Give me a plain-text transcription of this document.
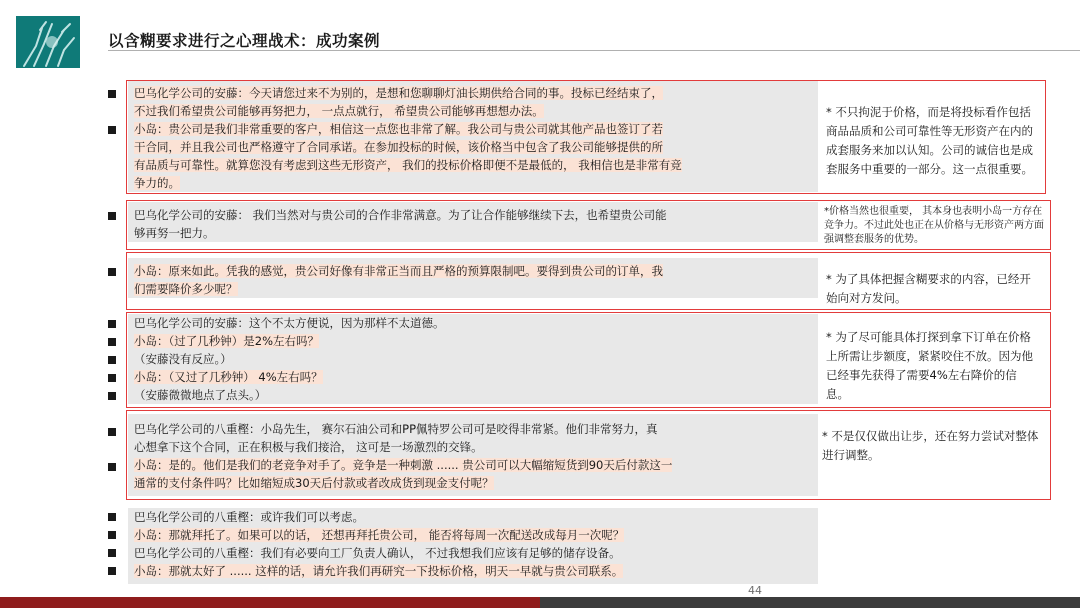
以含糊要求进行之心理战术：成功案例
巴乌化学公司的安藤：今天请您过来不为别的，是想和您聊聊灯油长期供给合同的事。投标已经结束了，
不过我们希望贵公司能够再努把力， 一点点就行， 希望贵公司能够再想想办法。
小岛：贵公司是我们非常重要的客户，相信这一点您也非常了解。我公司与贵公司就其他产品也签订了若
干合同，并且我公司也严格遵守了合同承诺。在参加投标的时候，该价格当中包含了我公司能够提供的所
有品质与可靠性。就算您没有考虑到这些无形资产， 我们的投标价格即便不是最低的， 我相信也是非常有竞
争力的。
* 不只拘泥于价格，而是将投标看作包括商品品质和公司可靠性等无形资产在内的成套服务来加以认知。公司的诚信也是成套服务中重要的一部分。这一点很重要。
巴乌化学公司的安藤： 我们当然对与贵公司的合作非常满意。为了让合作能够继续下去，也希望贵公司能
够再努一把力。
*价格当然也很重要， 其本身也表明小岛一方存在竞争力。不过此处也正在从价格与无形资产两方面强调整套服务的优势。
小岛：原来如此。凭我的感觉，贵公司好像有非常正当而且严格的预算限制吧。要得到贵公司的订单，我
们需要降价多少呢？
* 为了具体把握含糊要求的内容，已经开始向对方发问。
巴乌化学公司的安藤：这个不太方便说，因为那样不太道德。
小岛：（过了几秒钟）是2%左右吗？
（安藤没有反应。）
小岛：（又过了几秒钟） 4%左右吗？
（安藤微微地点了点头。）
* 为了尽可能具体打探到拿下订单在价格上所需让步额度，紧紧咬住不放。因为他已经事先获得了需要4%左右降价的信息。
巴乌化学公司的八重樫：小岛先生， 赛尔石油公司和PP佩特罗公司可是咬得非常紧。他们非常努力，真
心想拿下这个合同，正在积极与我们接洽， 这可是一场激烈的交锋。
小岛：是的。他们是我们的老竞争对手了。竞争是一种刺激 ...... 贵公司可以大幅缩短货到90天后付款这一
通常的支付条件吗？比如缩短成30天后付款或者改成货到现金支付呢？
* 不是仅仅做出让步，还在努力尝试对整体进行调整。
巴乌化学公司的八重樫：或许我们可以考虑。
小岛：那就拜托了。如果可以的话， 还想再拜托贵公司， 能否将每周一次配送改成每月一次呢？
巴乌化学公司的八重樫：我们有必要向工厂负责人确认， 不过我想我们应该有足够的储存设备。
小岛：那就太好了 ...... 这样的话，请允许我们再研究一下投标价格，明天一早就与贵公司联系。
44
